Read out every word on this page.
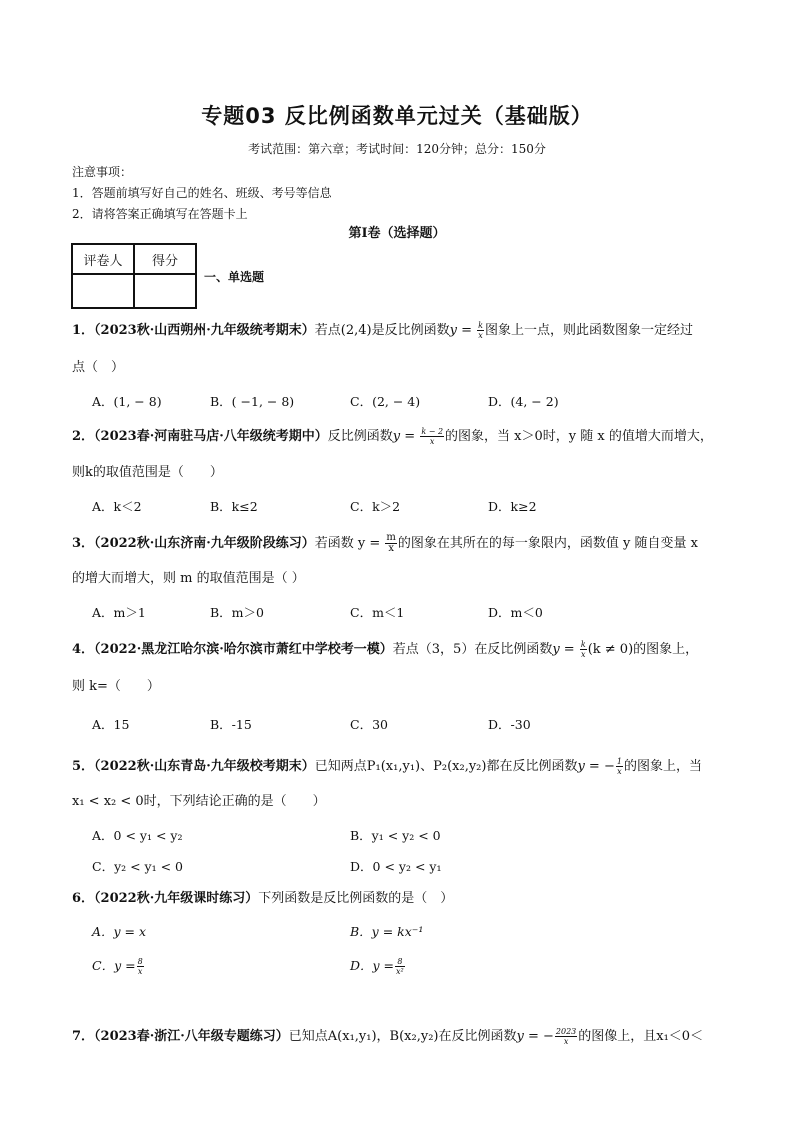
专题03 反比例函数单元过关（基础版）
考试范围：第六章；考试时间：120分钟；总分：150分
注意事项：
1．答题前填写好自己的姓名、班级、考号等信息
2．请将答案正确填写在答题卡上
第I卷（选择题）
评卷人	得分

一、单选题
1．（2023秋·山西朔州·九年级统考期末）若点(2,4)是反比例函数$y = \frac{k}{x}$ 图象上一点，则此函数图象一定经过
点（　）
A．(1, − 8)	B．( −1, − 8)	C．(2, − 4)	D．(4, − 2)
2．（2023春·河南驻马店·八年级统考期中）反比例函数$y = \frac{k - 2}{x}$ 的图象，当 x＞0时，y 随 x 的值增大而增大，
则k的取值范围是（　　）
A．k＜2	B．k≤2	C．k＞2	D．k≥2
3．（2022秋·山东济南·九年级阶段练习）若函数 $y = \frac{m}{x}$ 的图象在其所在的每一象限内，函数值 y 随自变量 x
的增大而增大，则 m 的取值范围是（ ）
A．m＞1	B．m＞0	C．m＜1	D．m＜0
4．（2022·黑龙江哈尔滨·哈尔滨市萧红中学校考一模）若点（3，5）在反比例函数$y = \frac{k}{x} (k \ne 0)$的图象上，
则 k=（　　）
A．15	B．-15	C．30	D．-30
5．（2022秋·山东青岛·九年级校考期末）已知两点P₁(x₁,y₁)、P₂(x₂,y₂)都在反比例函数y = − $\frac{1}{x}$ 的图象上，当
x₁ < x₂ < 0时，下列结论正确的是（　　）
A．0 < y₁ < y₂	B．y₁ < y₂ < 0
C．y₂ < y₁ < 0	D．0 < y₂ < y₁
6．（2022秋·九年级课时练习）下列函数是反比例函数的是（　）
A．y = x	B．y = kx⁻¹
C．$y = \frac{8}{x}$	D．$y = \frac{8}{\text{x²}}$
7．（2023春·浙江·八年级专题练习）已知点A(x₁,y₁)，B(x₂,y₂)在反比例函数y = − $\frac{2023}{x}$ 的图像上，且x₁＜0＜
